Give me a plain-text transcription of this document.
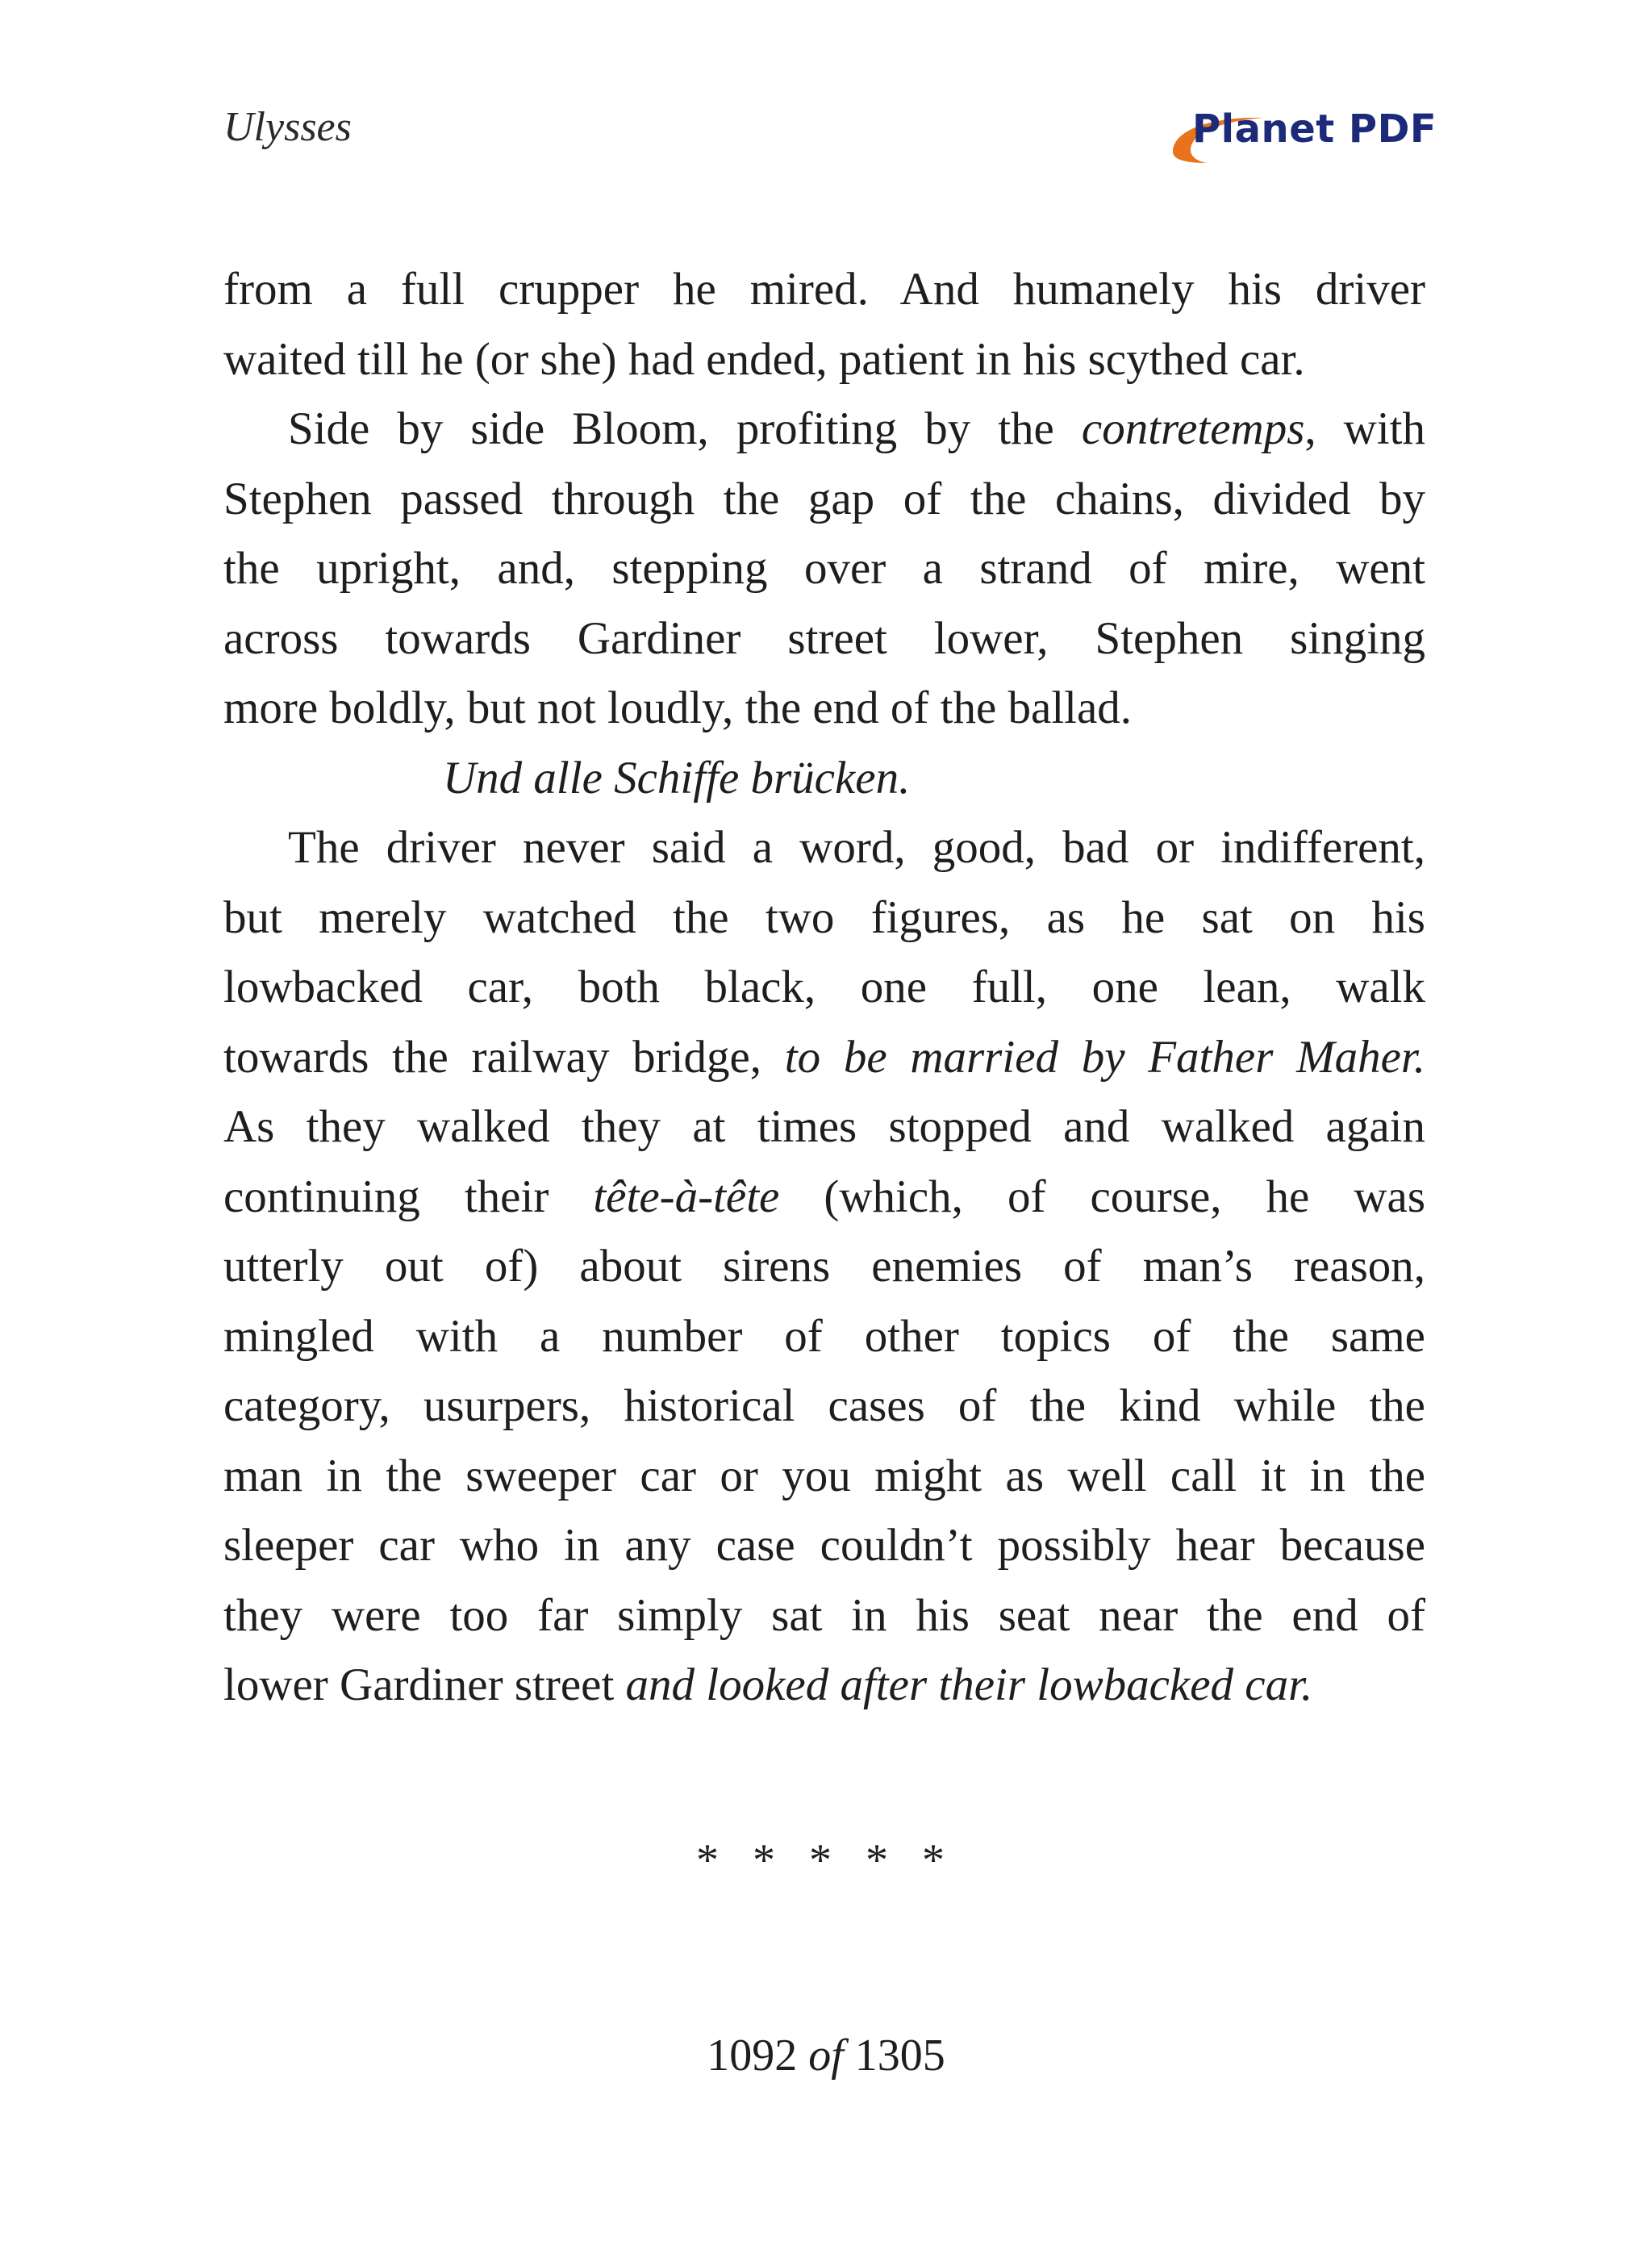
Ulysses	Planet PDF

from a full crupper he mired. And humanely his driver

waited till he (or she) had ended, patient in his scythed car.

Side by side Bloom, profiting by the contretemps, with

Stephen passed through the gap of the chains, divided by

the upright, and, stepping over a strand of mire, went

across towards Gardiner street lower, Stephen singing

more boldly, but not loudly, the end of the ballad.

Und alle Schiffe brücken.

The driver never said a word, good, bad or indifferent,

but merely watched the two figures, as he sat on his

lowbacked car, both black, one full, one lean, walk

towards the railway bridge, to be married by Father Maher.

As they walked they at times stopped and walked again

continuing their tête-à-tête (which, of course, he was

utterly out of) about sirens enemies of man’s reason,

mingled with a number of other topics of the same

category, usurpers, historical cases of the kind while the

man in the sweeper car or you might as well call it in the

sleeper car who in any case couldn’t possibly hear because

they were too far simply sat in his seat near the end of

lower Gardiner street and looked after their lowbacked car.

* * * * *
1092 of 1305
